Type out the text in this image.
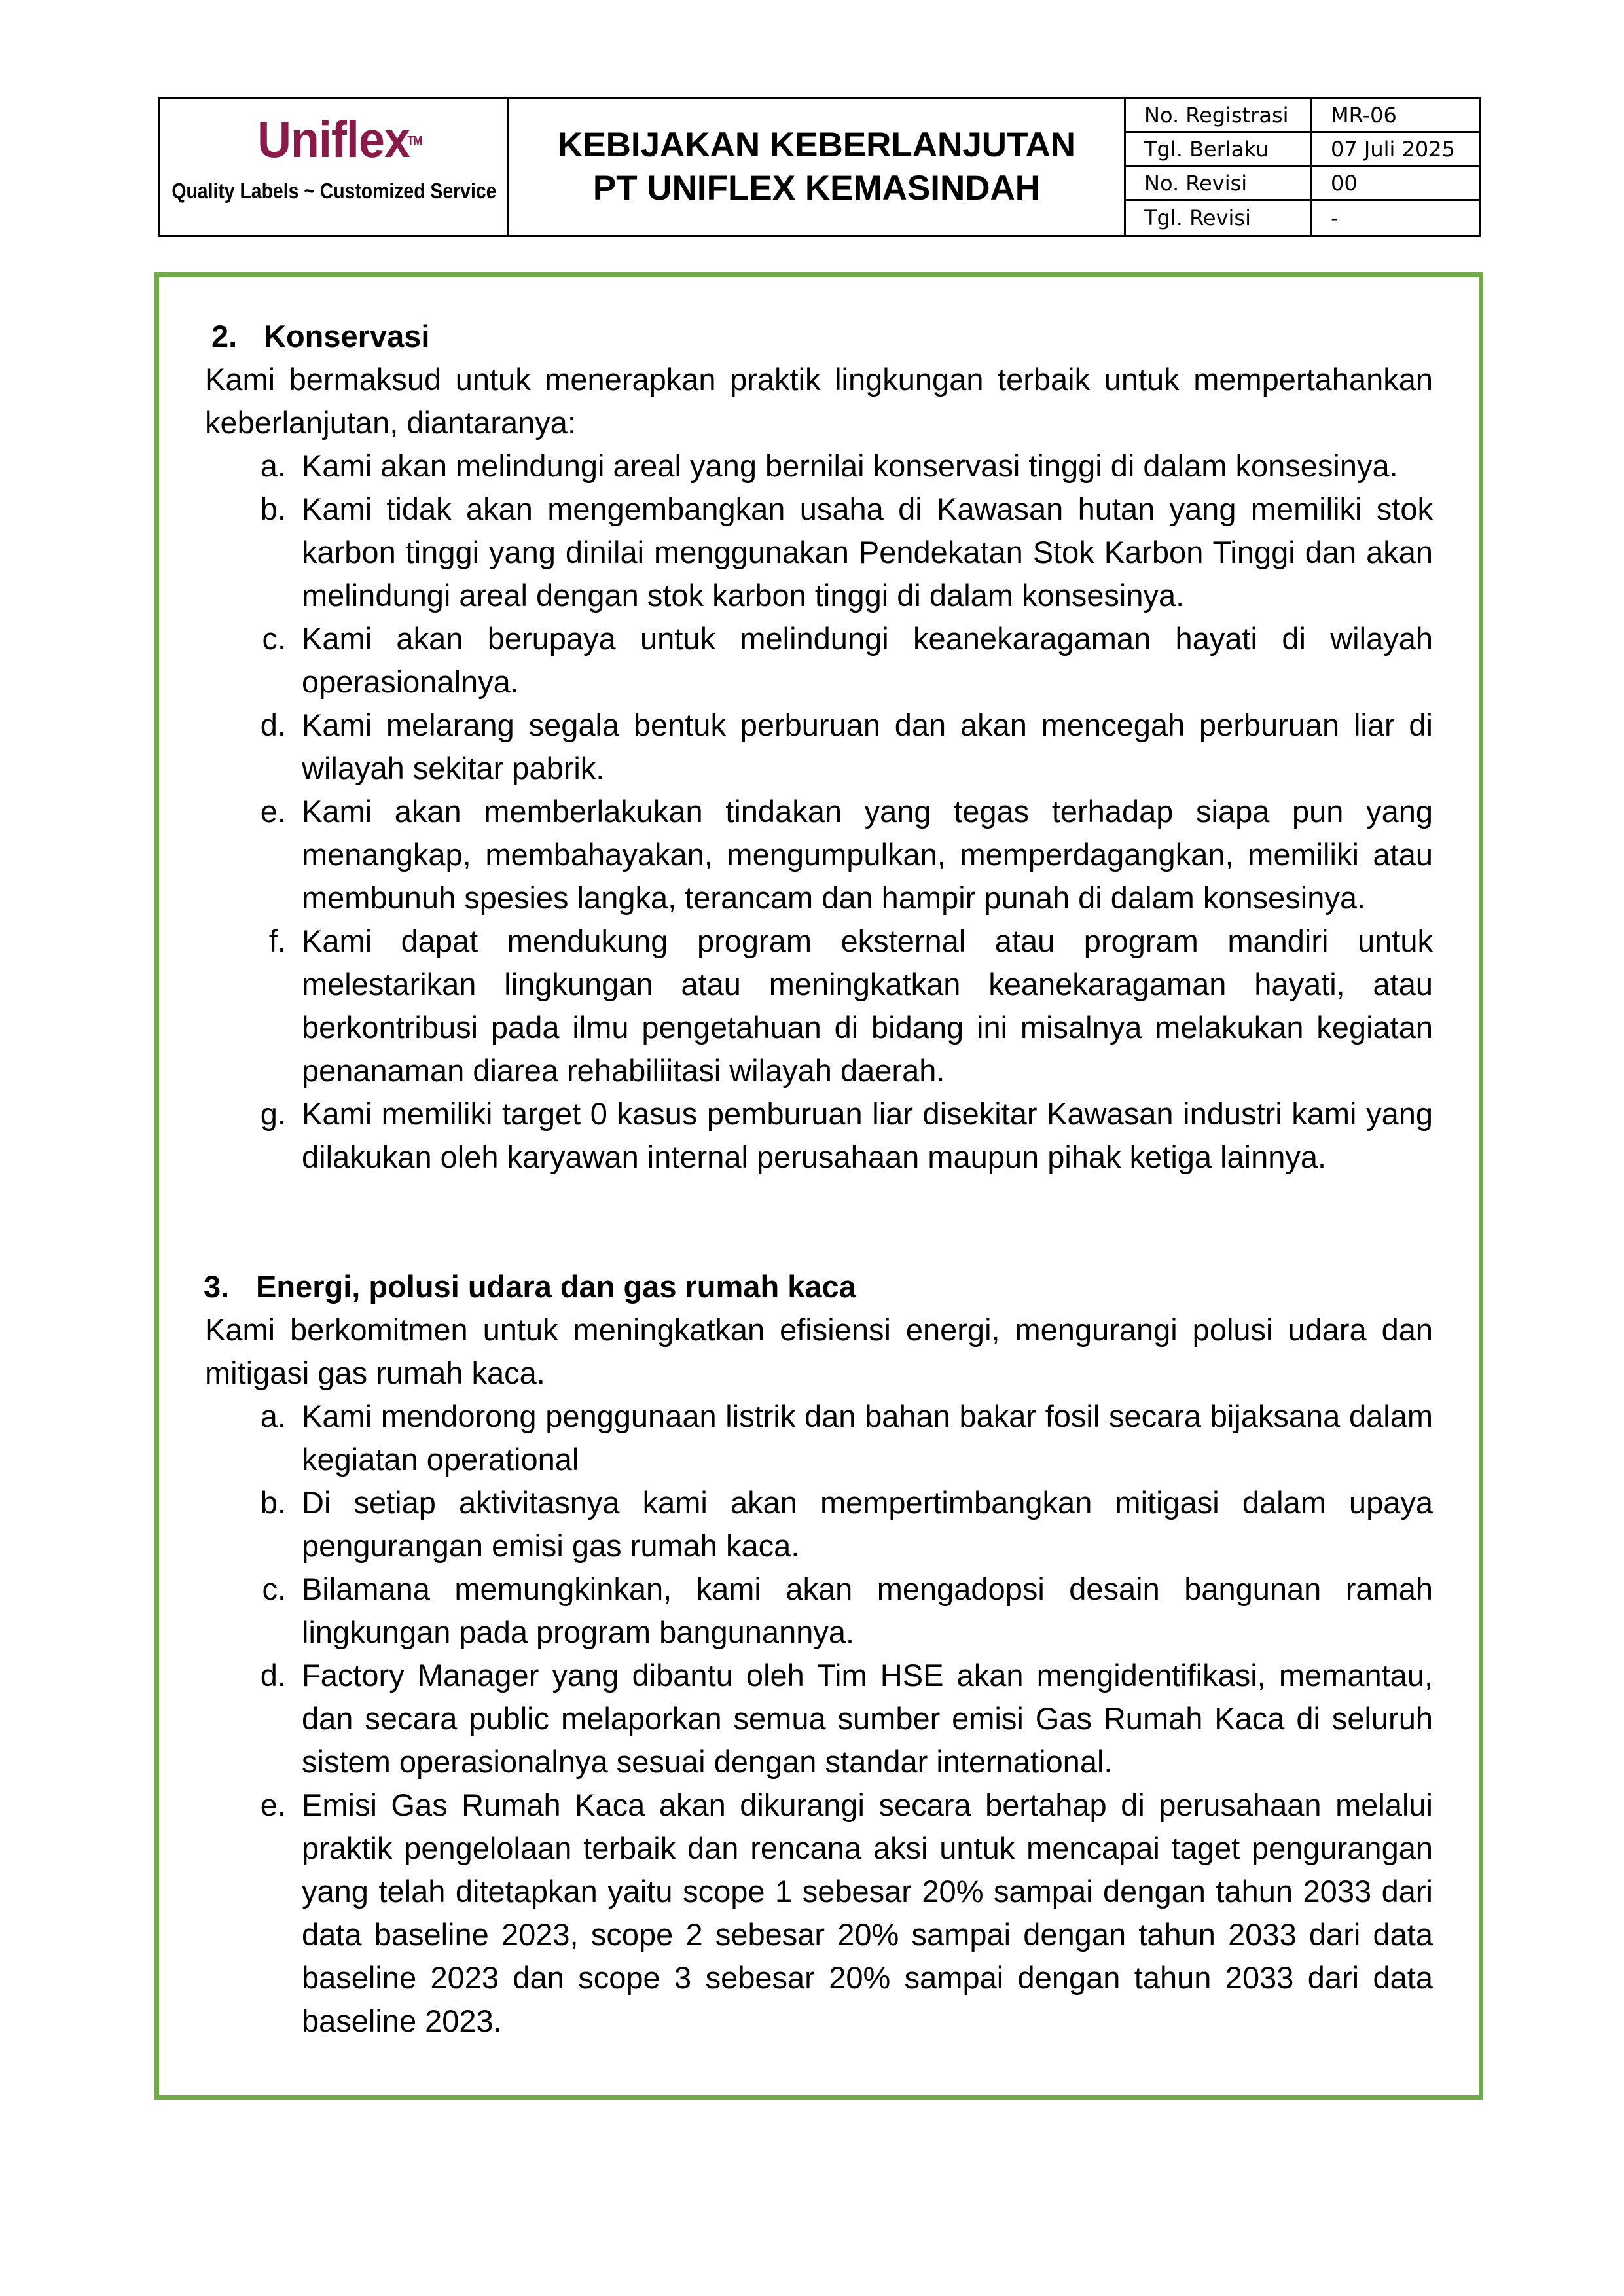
Uniflex
TM
Quality Labels ~ Customized Service
KEBIJAKAN KEBERLANJUTAN
PT UNIFLEX KEMASINDAH
No. Registrasi	MR-06
Tgl. Berlaku	07 Juli 2025
No. Revisi	00
Tgl. Revisi	-
2. Konservasi
Kami bermaksud untuk menerapkan praktik lingkungan terbaik untuk mempertahankan keberlanjutan, diantaranya:
a. Kami akan melindungi areal yang bernilai konservasi tinggi di dalam konsesinya.
b. Kami tidak akan mengembangkan usaha di Kawasan hutan yang memiliki stok karbon tinggi yang dinilai menggunakan Pendekatan Stok Karbon Tinggi dan akan melindungi areal dengan stok karbon tinggi di dalam konsesinya.
c. Kami akan berupaya untuk melindungi keanekaragaman hayati di wilayah operasionalnya.
d. Kami melarang segala bentuk perburuan dan akan mencegah perburuan liar di wilayah sekitar pabrik.
e. Kami akan memberlakukan tindakan yang tegas terhadap siapa pun yang menangkap, membahayakan, mengumpulkan, memperdagangkan, memiliki atau membunuh spesies langka, terancam dan hampir punah di dalam konsesinya.
f. Kami dapat mendukung program eksternal atau program mandiri untuk melestarikan lingkungan atau meningkatkan keanekaragaman hayati, atau berkontribusi pada ilmu pengetahuan di bidang ini misalnya melakukan kegiatan penanaman diarea rehabiliitasi wilayah daerah.
g. Kami memiliki target 0 kasus pemburuan liar disekitar Kawasan industri kami yang dilakukan oleh karyawan internal perusahaan maupun pihak ketiga lainnya.
3. Energi, polusi udara dan gas rumah kaca
Kami berkomitmen untuk meningkatkan efisiensi energi, mengurangi polusi udara dan mitigasi gas rumah kaca.
a. Kami mendorong penggunaan listrik dan bahan bakar fosil secara bijaksana dalam kegiatan operational
b. Di setiap aktivitasnya kami akan mempertimbangkan mitigasi dalam upaya pengurangan emisi gas rumah kaca.
c. Bilamana memungkinkan, kami akan mengadopsi desain bangunan ramah lingkungan pada program bangunannya.
d. Factory Manager yang dibantu oleh Tim HSE akan mengidentifikasi, memantau, dan secara public melaporkan semua sumber emisi Gas Rumah Kaca di seluruh sistem operasionalnya sesuai dengan standar international.
e. Emisi Gas Rumah Kaca akan dikurangi secara bertahap di perusahaan melalui praktik pengelolaan terbaik dan rencana aksi untuk mencapai taget pengurangan yang telah ditetapkan yaitu scope 1 sebesar 20% sampai dengan tahun 2033 dari data baseline 2023, scope 2 sebesar 20% sampai dengan tahun 2033 dari data baseline 2023 dan scope 3 sebesar 20% sampai dengan tahun 2033 dari data baseline 2023.
